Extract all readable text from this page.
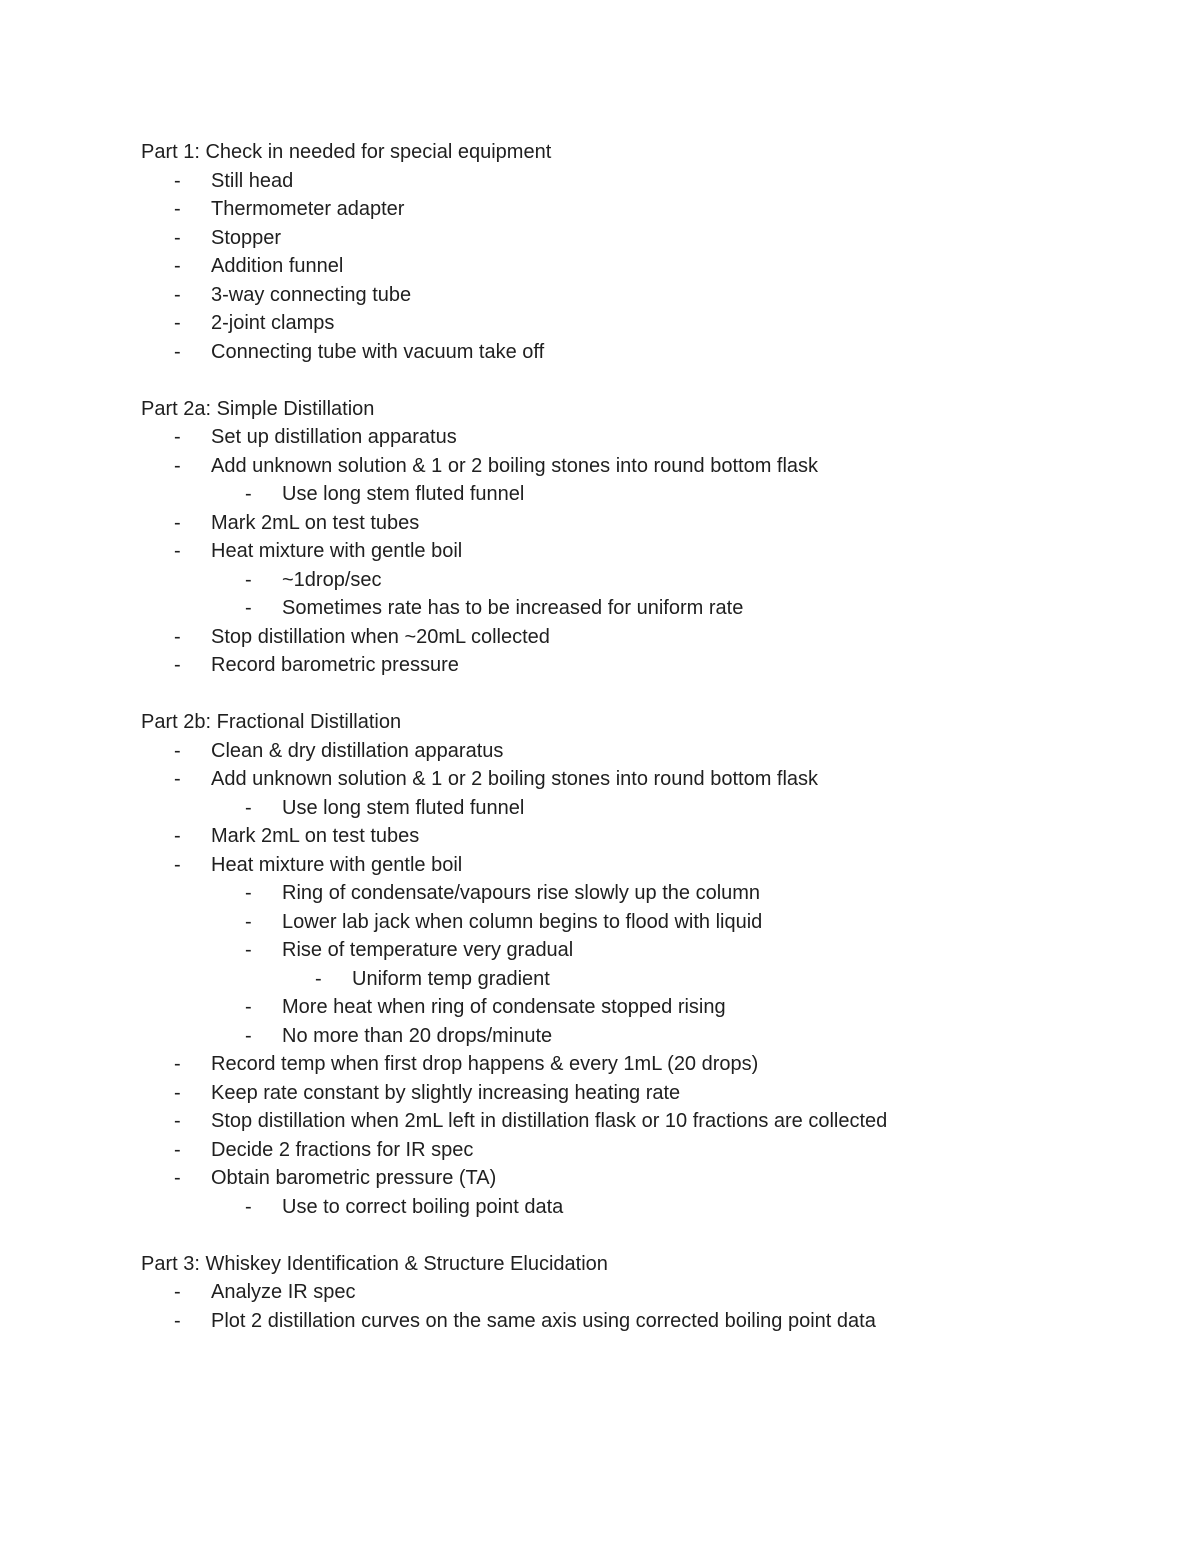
Part 1: Check in needed for special equipment
- Still head
- Thermometer adapter
- Stopper
- Addition funnel
- 3-way connecting tube
- 2-joint clamps
- Connecting tube with vacuum take off
Part 2a: Simple Distillation
- Set up distillation apparatus
- Add unknown solution & 1 or 2 boiling stones into round bottom flask
- Use long stem fluted funnel
- Mark 2mL on test tubes
- Heat mixture with gentle boil
- ~1drop/sec
- Sometimes rate has to be increased for uniform rate
- Stop distillation when ~20mL collected
- Record barometric pressure
Part 2b: Fractional Distillation
- Clean & dry distillation apparatus
- Add unknown solution & 1 or 2 boiling stones into round bottom flask
- Use long stem fluted funnel
- Mark 2mL on test tubes
- Heat mixture with gentle boil
- Ring of condensate/vapours rise slowly up the column
- Lower lab jack when column begins to flood with liquid
- Rise of temperature very gradual
- Uniform temp gradient
- More heat when ring of condensate stopped rising
- No more than 20 drops/minute
- Record temp when first drop happens & every 1mL (20 drops)
- Keep rate constant by slightly increasing heating rate
- Stop distillation when 2mL left in distillation flask or 10 fractions are collected
- Decide 2 fractions for IR spec
- Obtain barometric pressure (TA)
- Use to correct boiling point data
Part 3: Whiskey Identification & Structure Elucidation
- Analyze IR spec
- Plot 2 distillation curves on the same axis using corrected boiling point data
